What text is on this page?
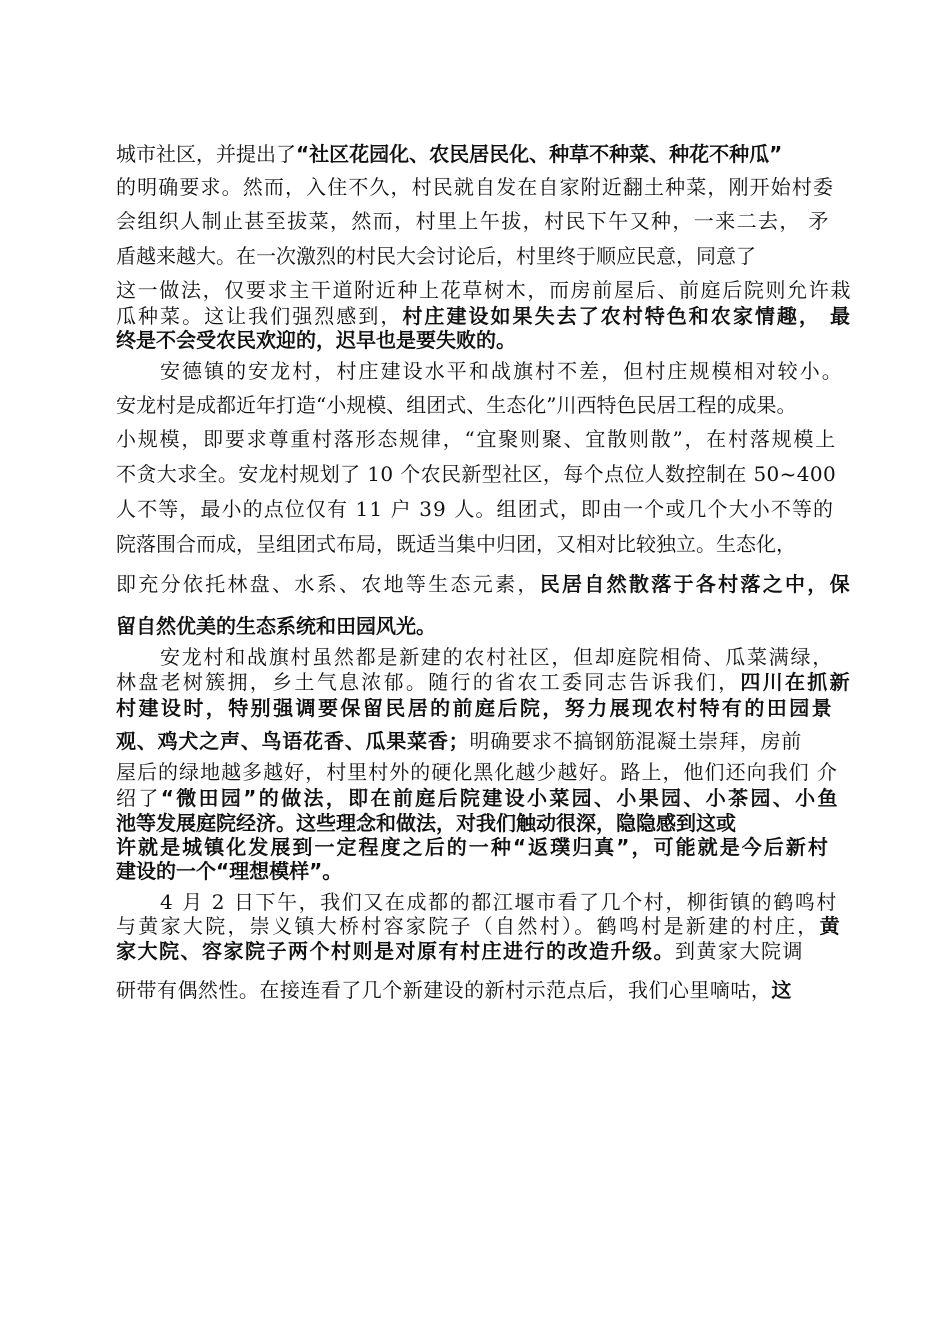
城市社区，并提出了“社区花园化、农民居民化、种草不种菜、种花不种瓜”
的明确要求。然而，入住不久，村民就自发在自家附近翻土种菜，刚开始村委
会组织人制止甚至拔菜，然而，村里上午拔，村民下午又种，一来二去， 矛
盾越来越大。在一次激烈的村民大会讨论后，村里终于顺应民意，同意了
这一做法，仅要求主干道附近种上花草树木，而房前屋后、前庭后院则允许栽
瓜种菜。这让我们强烈感到，村庄建设如果失去了农村特色和农家情趣， 最
终是不会受农民欢迎的，迟早也是要失败的。
安德镇的安龙村，村庄建设水平和战旗村不差，但村庄规模相对较小。
安龙村是成都近年打造“小规模、组团式、生态化”川西特色民居工程的成果。
小规模，即要求尊重村落形态规律，“宜聚则聚、宜散则散”，在村落规模上
不贪大求全。安龙村规划了 10 个农民新型社区，每个点位人数控制在 50~400
人不等，最小的点位仅有 11 户 39 人。组团式，即由一个或几个大小不等的
院落围合而成，呈组团式布局，既适当集中归团，又相对比较独立。生态化，
即充分依托林盘、水系、农地等生态元素，民居自然散落于各村落之中，保
留自然优美的生态系统和田园风光。
安龙村和战旗村虽然都是新建的农村社区，但却庭院相倚、瓜菜满绿，
林盘老树簇拥，乡土气息浓郁。随行的省农工委同志告诉我们，四川在抓新
村建设时，特别强调要保留民居的前庭后院，努力展现农村特有的田园景
观、鸡犬之声、鸟语花香、瓜果菜香；明确要求不搞钢筋混凝土崇拜，房前
屋后的绿地越多越好，村里村外的硬化黑化越少越好。路上，他们还向我们 介
绍了“微田园”的做法，即在前庭后院建设小菜园、小果园、小茶园、小鱼
池等发展庭院经济。这些理念和做法，对我们触动很深，隐隐感到这或
许就是城镇化发展到一定程度之后的一种“返璞归真”，可能就是今后新村
建设的一个“理想模样”。
4 月 2 日下午，我们又在成都的都江堰市看了几个村，柳街镇的鹤鸣村
与黄家大院，崇义镇大桥村容家院子（自然村）。鹤鸣村是新建的村庄，黄
家大院、容家院子两个村则是对原有村庄进行的改造升级。到黄家大院调
研带有偶然性。在接连看了几个新建设的新村示范点后，我们心里嘀咕，这
